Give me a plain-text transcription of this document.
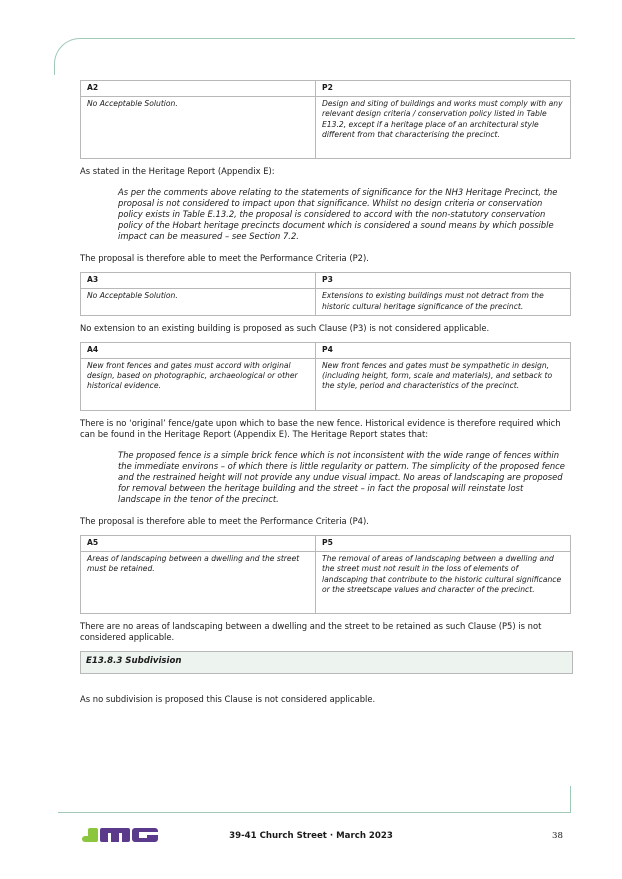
A2	P2
No Acceptable Solution.	Design and siting of buildings and works must comply with any relevant design criteria / conservation policy listed in Table E13.2, except if a heritage place of an architectural style different from that characterising the precinct.

As stated in the Heritage Report (Appendix E):

As per the comments above relating to the statements of significance for the NH3 Heritage Precinct, the proposal is not considered to impact upon that significance. Whilst no design criteria or conservation policy exists in Table E.13.2, the proposal is considered to accord with the non-statutory conservation policy of the Hobart heritage precincts document which is considered a sound means by which possible impact can be measured – see Section 7.2.

The proposal is therefore able to meet the Performance Criteria (P2).

A3	P3
No Acceptable Solution.	Extensions to existing buildings must not detract from the historic cultural heritage significance of the precinct.

No extension to an existing building is proposed as such Clause (P3) is not considered applicable.

A4	P4
New front fences and gates must accord with original design, based on photographic, archaeological or other historical evidence.	New front fences and gates must be sympathetic in design, (including height, form, scale and materials), and setback to the style, period and characteristics of the precinct.

There is no ‘original’ fence/gate upon which to base the new fence. Historical evidence is therefore required which can be found in the Heritage Report (Appendix E). The Heritage Report states that:

The proposed fence is a simple brick fence which is not inconsistent with the wide range of fences within the immediate environs – of which there is little regularity or pattern. The simplicity of the proposed fence and the restrained height will not provide any undue visual impact. No areas of landscaping are proposed for removal between the heritage building and the street – in fact the proposal will reinstate lost landscape in the tenor of the precinct.

The proposal is therefore able to meet the Performance Criteria (P4).

A5	P5
Areas of landscaping between a dwelling and the street must be retained.	The removal of areas of landscaping between a dwelling and the street must not result in the loss of elements of landscaping that contribute to the historic cultural significance or the streetscape values and character of the precinct.

There are no areas of landscaping between a dwelling and the street to be retained as such Clause (P5) is not considered applicable.

E13.8.3 Subdivision

As no subdivision is proposed this Clause is not considered applicable.

39-41 Church Street · March 2023	38
